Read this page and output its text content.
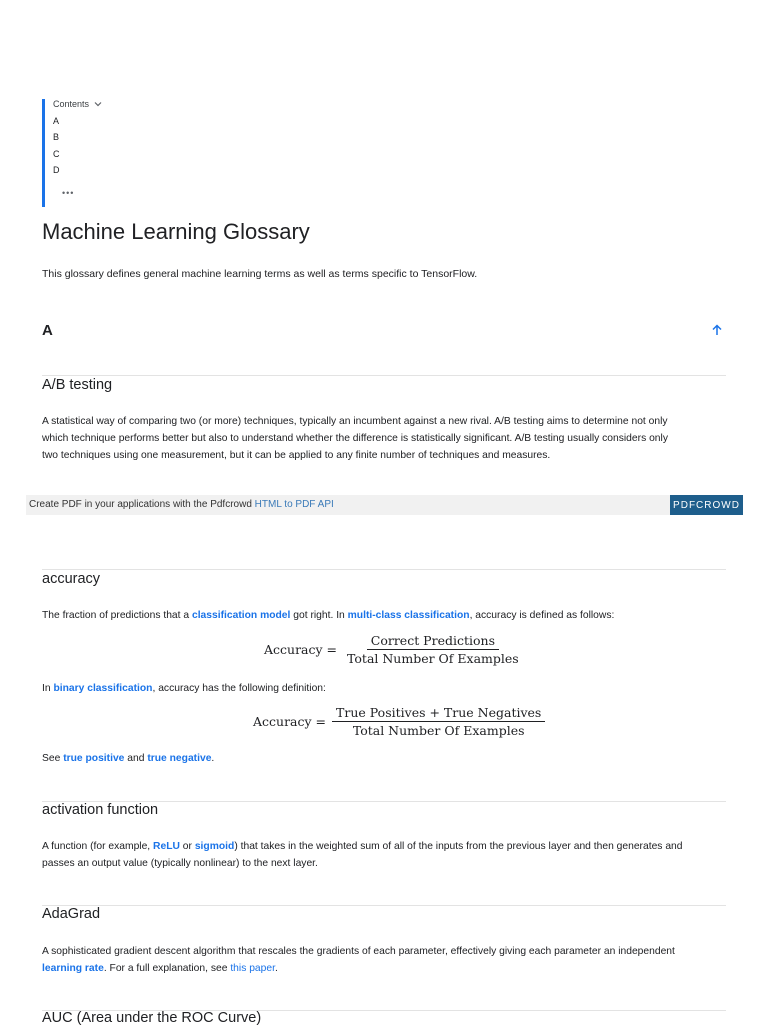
Contents
A
B
C
D
•••
Machine Learning Glossary
This glossary defines general machine learning terms as well as terms specific to TensorFlow.
A
A/B testing
A statistical way of comparing two (or more) techniques, typically an incumbent against a new rival. A/B testing aims to determine not only
which technique performs better but also to understand whether the difference is statistically significant. A/B testing usually considers only
two techniques using one measurement, but it can be applied to any finite number of techniques and measures.
Create PDF in your applications with the Pdfcrowd HTML to PDF API	PDFCROWD
accuracy
The fraction of predictions that a classification model got right. In multi-class classification, accuracy is defined as follows:
Accuracy = $\frac{\text{Correct Predictions}}{\text{Total Number Of Examples}}$
In binary classification, accuracy has the following definition:
Accuracy = $\frac{\text{True Positives + True Negatives}}{\text{Total Number Of Examples}}$
See true positive and true negative.
activation function
A function (for example, ReLU or sigmoid) that takes in the weighted sum of all of the inputs from the previous layer and then generates and
passes an output value (typically nonlinear) to the next layer.
AdaGrad
A sophisticated gradient descent algorithm that rescales the gradients of each parameter, effectively giving each parameter an independent
learning rate. For a full explanation, see this paper.
AUC (Area under the ROC Curve)
